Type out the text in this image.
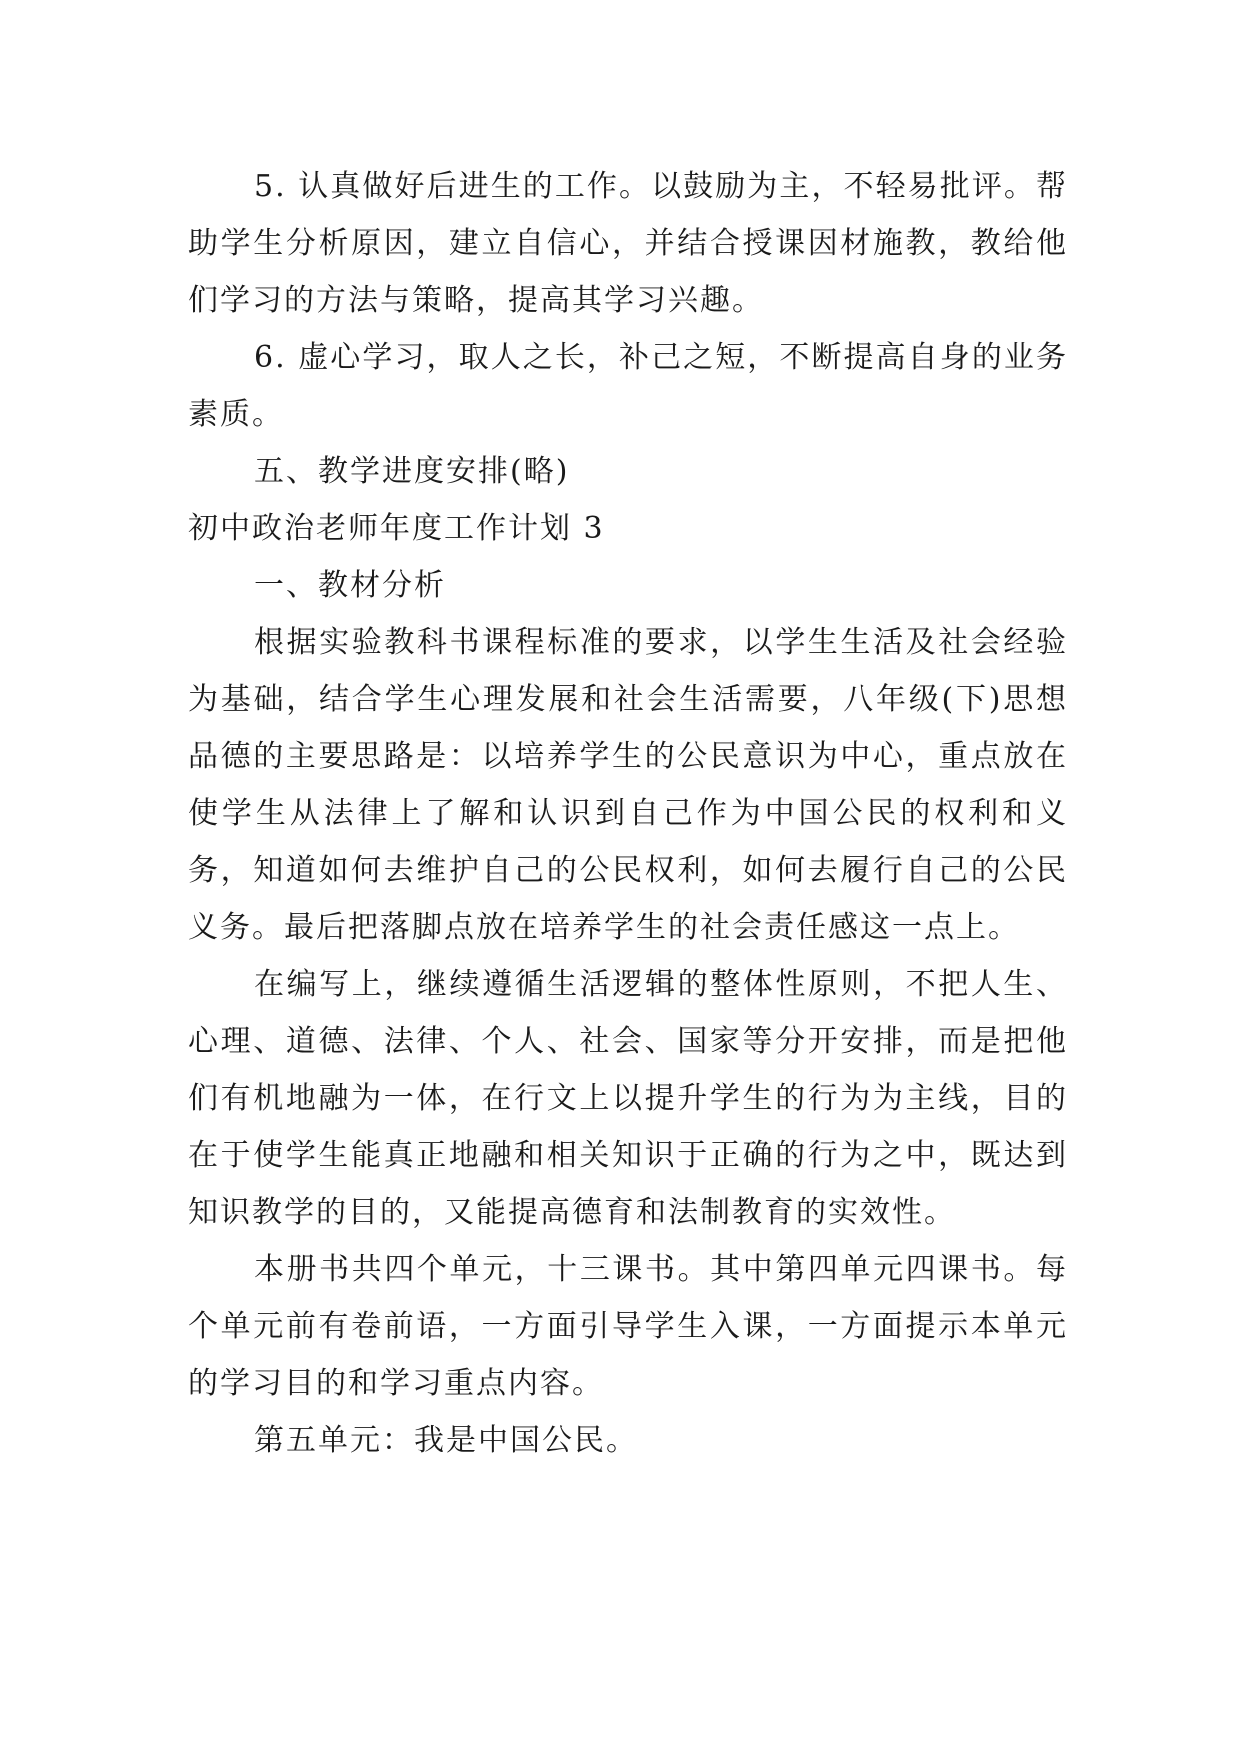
5. 认真做好后进生的工作。以鼓励为主，不轻易批评。帮助学生分析原因，建立自信心，并结合授课因材施教，教给他们学习的方法与策略，提高其学习兴趣。

6. 虚心学习，取人之长，补己之短，不断提高自身的业务素质。

五、教学进度安排(略)

初中政治老师年度工作计划 3

一、教材分析

根据实验教科书课程标准的要求，以学生生活及社会经验为基础，结合学生心理发展和社会生活需要，八年级(下)思想品德的主要思路是：以培养学生的公民意识为中心，重点放在使学生从法律上了解和认识到自己作为中国公民的权利和义务，知道如何去维护自己的公民权利，如何去履行自己的公民义务。最后把落脚点放在培养学生的社会责任感这一点上。

在编写上，继续遵循生活逻辑的整体性原则，不把人生、心理、道德、法律、个人、社会、国家等分开安排，而是把他们有机地融为一体，在行文上以提升学生的行为为主线，目的在于使学生能真正地融和相关知识于正确的行为之中，既达到知识教学的目的，又能提高德育和法制教育的实效性。

本册书共四个单元，十三课书。其中第四单元四课书。每个单元前有卷前语，一方面引导学生入课，一方面提示本单元的学习目的和学习重点内容。

第五单元：我是中国公民。
